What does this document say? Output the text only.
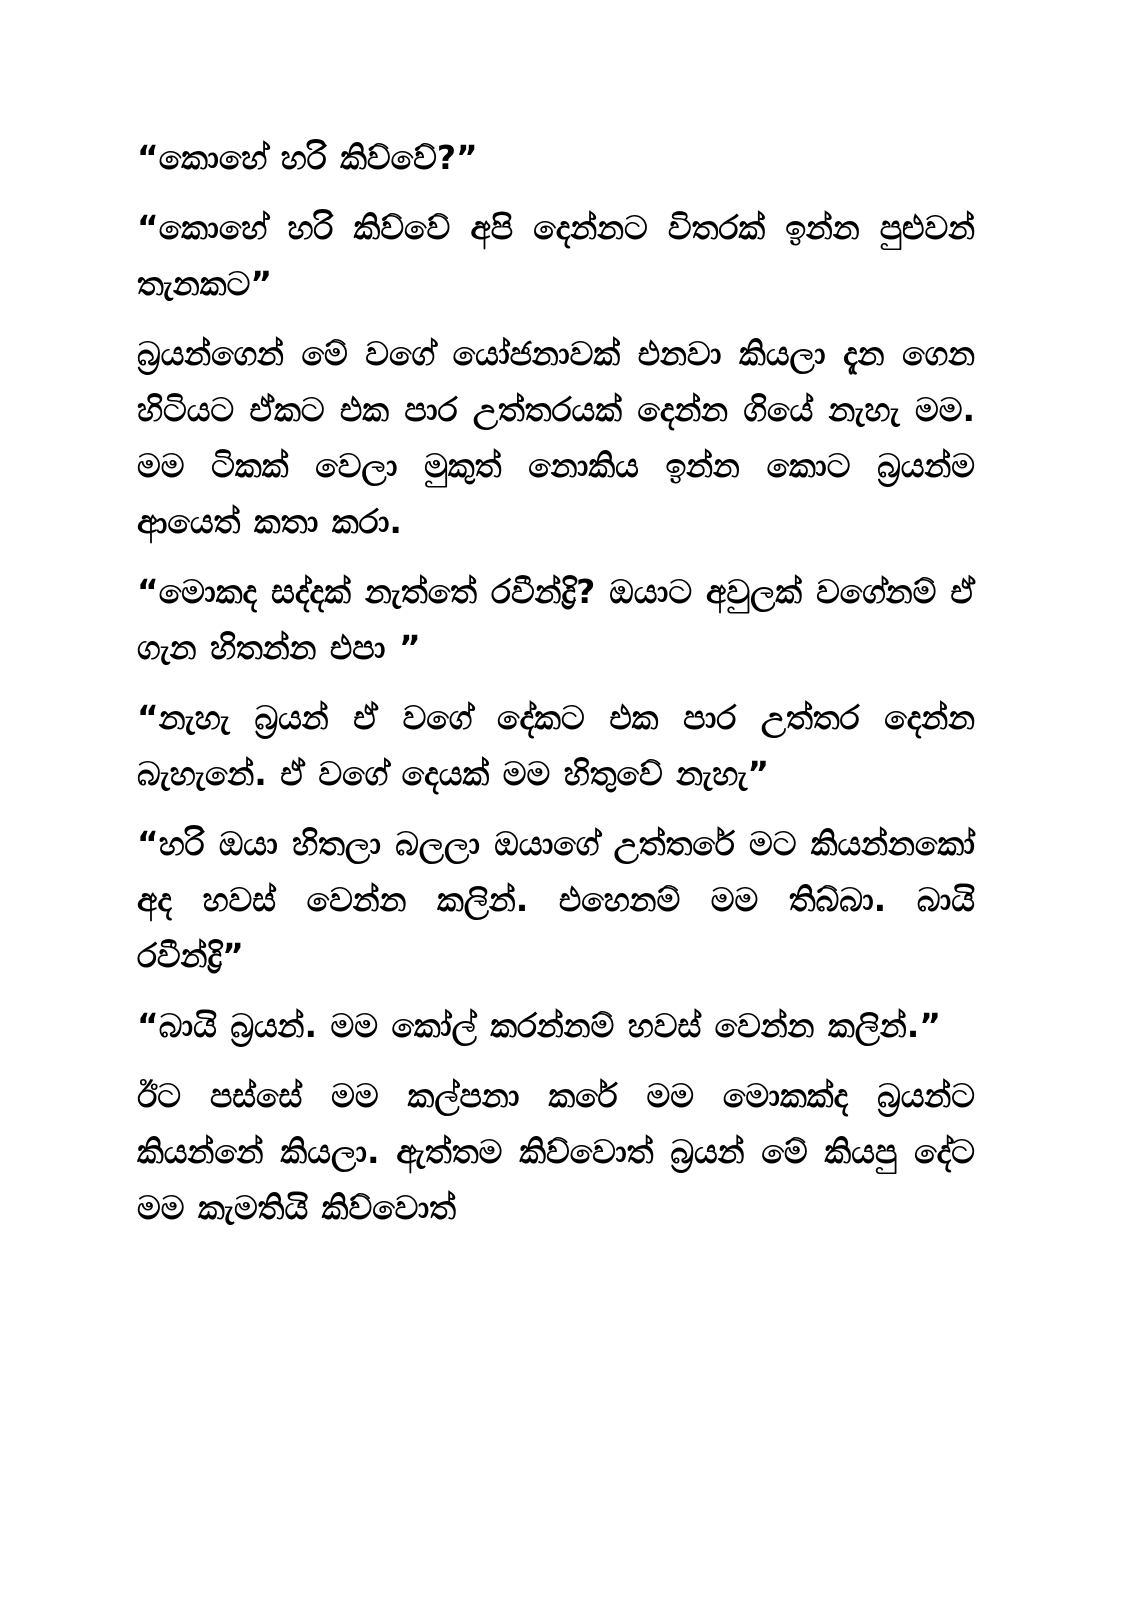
“කොහේ හරි කිව්වේ?”

“කොහේ හරි කිව්වේ අපි දෙන්නට විතරක් ඉන්න පුළුවන් තැනකට”

බ්‍රයන්ගෙන් මේ වගේ යෝජනාවක් එනවා කියලා දැන ගෙන හිටියට ඒකට එක පාර උත්තරයක් දෙන්න ගියේ නැහැ මම. මම ටිකක් වෙලා මුකුත් නොකිය ඉන්න කොට බ්‍රයන්ම ආයෙත් කතා කරා.

“මොකද සද්දක් නැත්තේ රවීන්ද්‍රි? ඔයාට අවුලක් වගේනම් ඒ ගැන හිතන්න එපා ”

“නැහැ බ්‍රයන් ඒ වගේ දේකට එක පාර උත්තර දෙන්න බැහැනේ. ඒ වගේ දෙයක් මම හිතුවේ නැහැ”

“හරි ඔයා හිතලා බලලා ඔයාගේ උත්තරේ මට කියන්නකෝ අද හවස් වෙන්න කලින්. එහෙනම් මම තිබ්බා. බායි රවීන්ද්‍රි”

“බායි බ්‍රයන්. මම කෝල් කරන්නම් හවස් වෙන්න කලින්.”

ඊට පස්සේ මම කල්පනා කරේ මම මොකක්ද බ්‍රයන්ට කියන්නේ කියලා. ඇත්තම කිව්වොත් බ්‍රයන් මේ කියපු දේට මම කැමතියි කිව්වොත්
